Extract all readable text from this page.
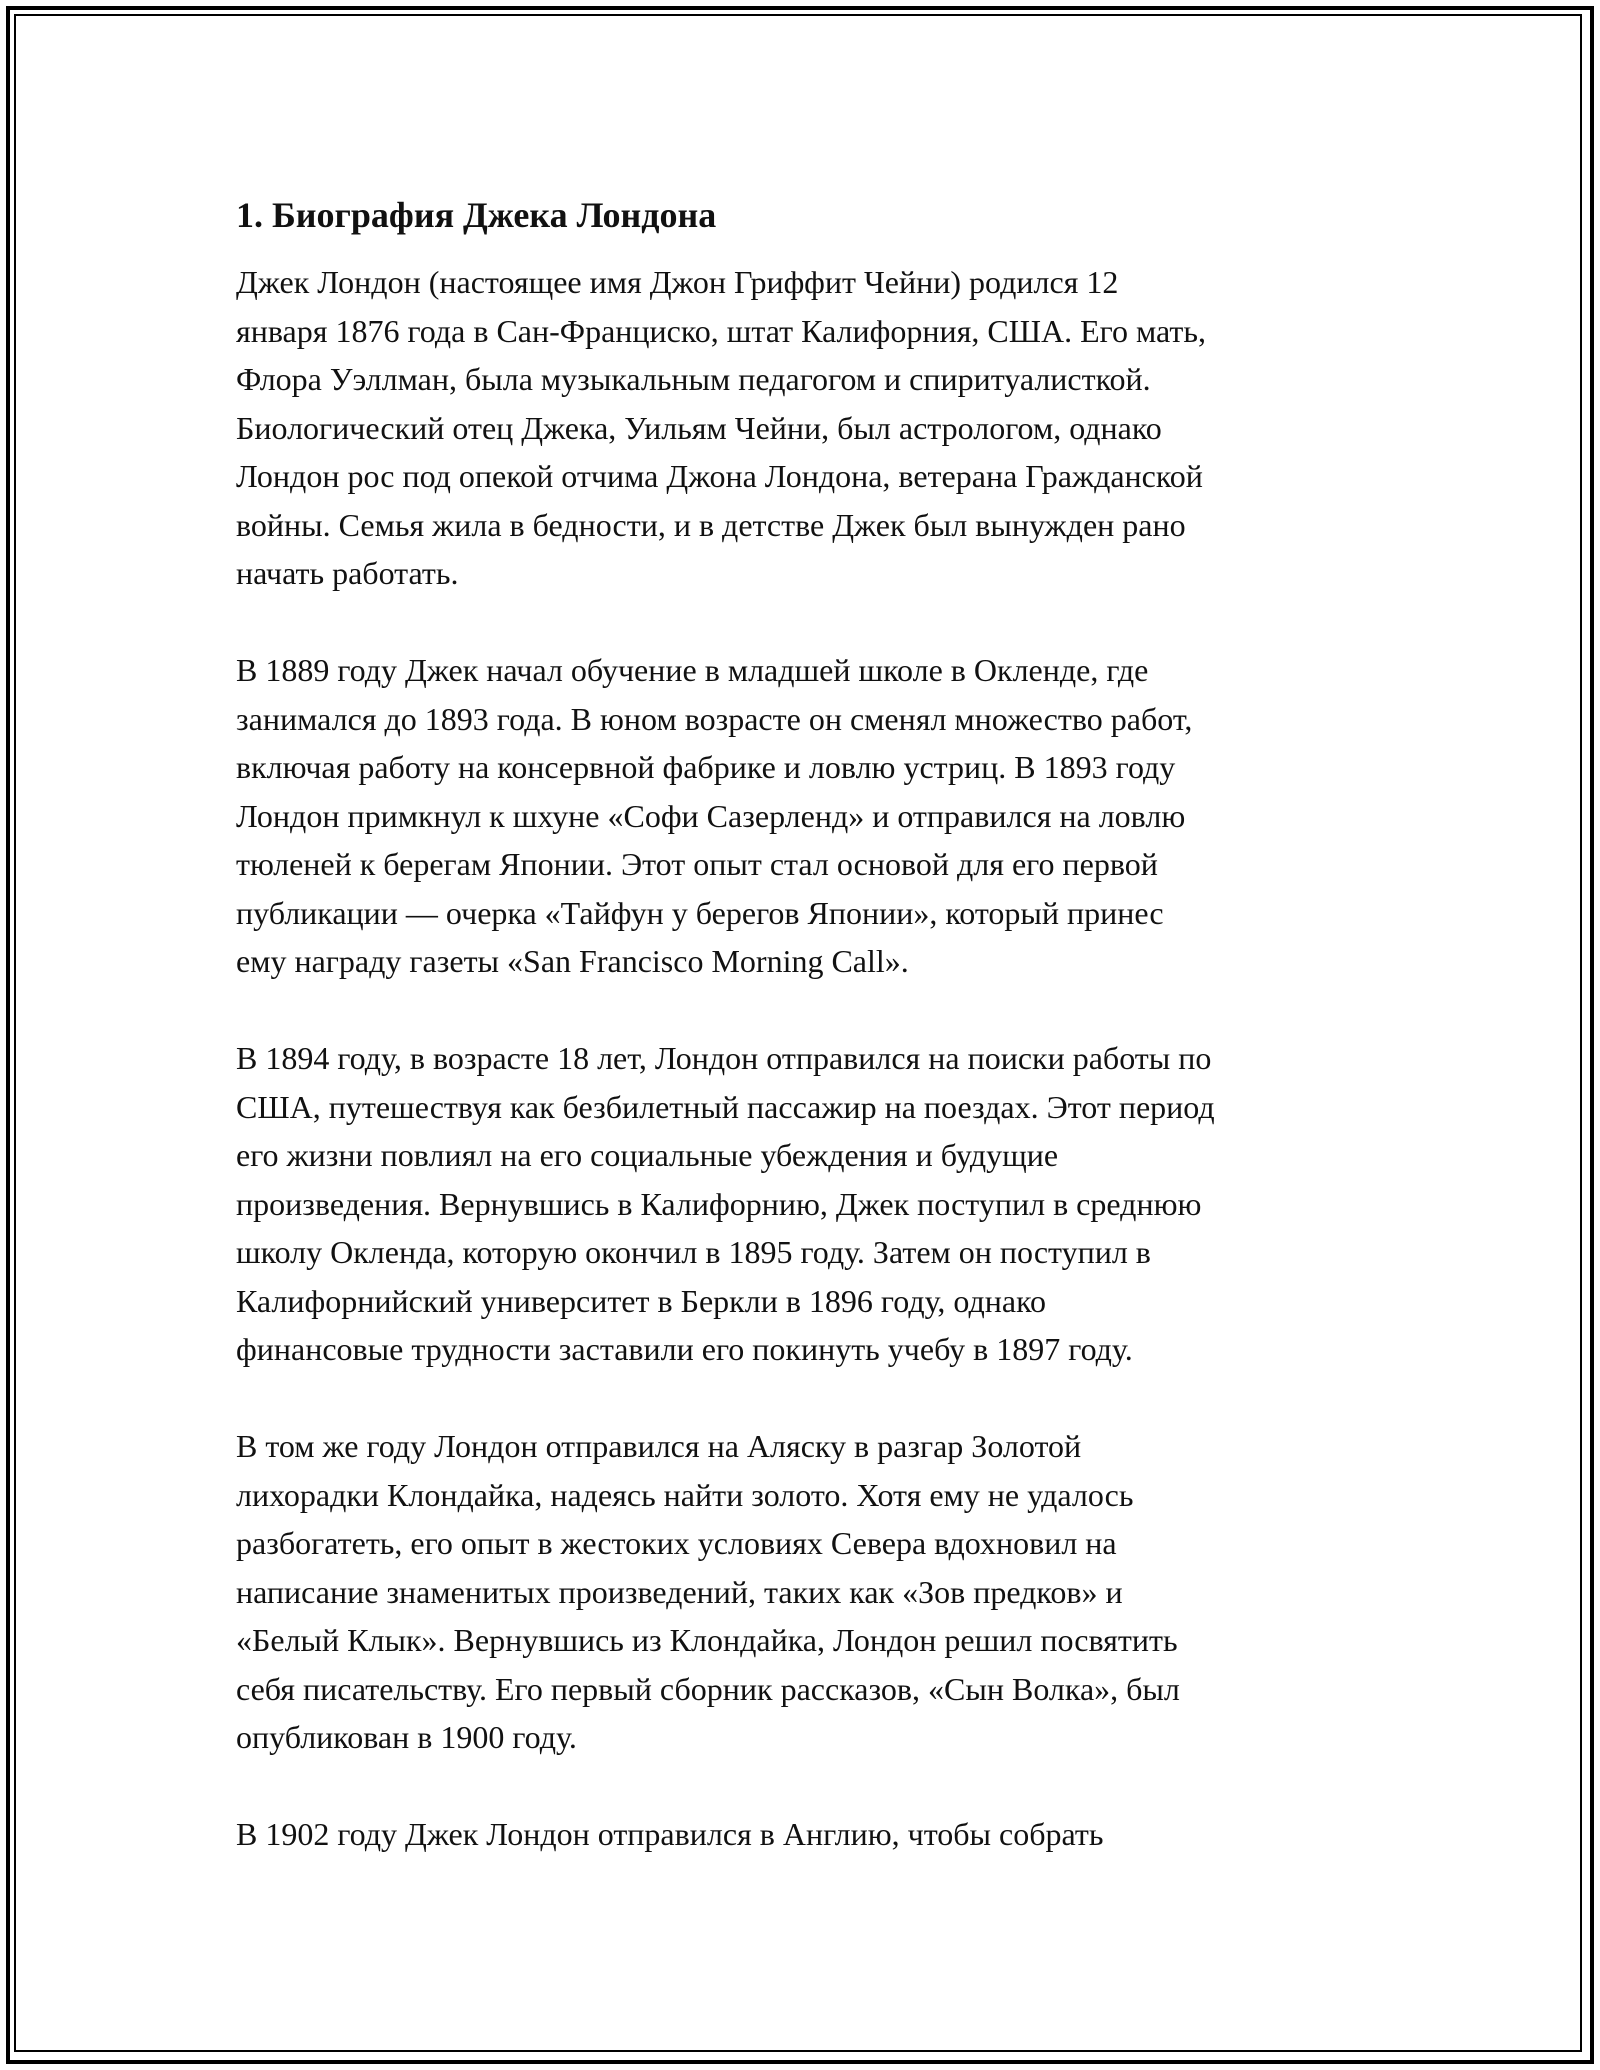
1. Биография Джека Лондона
Джек Лондон (настоящее имя Джон Гриффит Чейни) родился 12
января 1876 года в Сан-Франциско, штат Калифорния, США. Его мать,
Флора Уэллман, была музыкальным педагогом и спиритуалисткой.
Биологический отец Джека, Уильям Чейни, был астрологом, однако
Лондон рос под опекой отчима Джона Лондона, ветерана Гражданской
войны. Семья жила в бедности, и в детстве Джек был вынужден рано
начать работать.
В 1889 году Джек начал обучение в младшей школе в Окленде, где
занимался до 1893 года. В юном возрасте он сменял множество работ,
включая работу на консервной фабрике и ловлю устриц. В 1893 году
Лондон примкнул к шхуне «Софи Сазерленд» и отправился на ловлю
тюленей к берегам Японии. Этот опыт стал основой для его первой
публикации — очерка «Тайфун у берегов Японии», который принес
ему награду газеты «San Francisco Morning Call».
В 1894 году, в возрасте 18 лет, Лондон отправился на поиски работы по
США, путешествуя как безбилетный пассажир на поездах. Этот период
его жизни повлиял на его социальные убеждения и будущие
произведения. Вернувшись в Калифорнию, Джек поступил в среднюю
школу Окленда, которую окончил в 1895 году. Затем он поступил в
Калифорнийский университет в Беркли в 1896 году, однако
финансовые трудности заставили его покинуть учебу в 1897 году.
В том же году Лондон отправился на Аляску в разгар Золотой
лихорадки Клондайка, надеясь найти золото. Хотя ему не удалось
разбогатеть, его опыт в жестоких условиях Севера вдохновил на
написание знаменитых произведений, таких как «Зов предков» и
«Белый Клык». Вернувшись из Клондайка, Лондон решил посвятить
себя писательству. Его первый сборник рассказов, «Сын Волка», был
опубликован в 1900 году.
В 1902 году Джек Лондон отправился в Англию, чтобы собрать
